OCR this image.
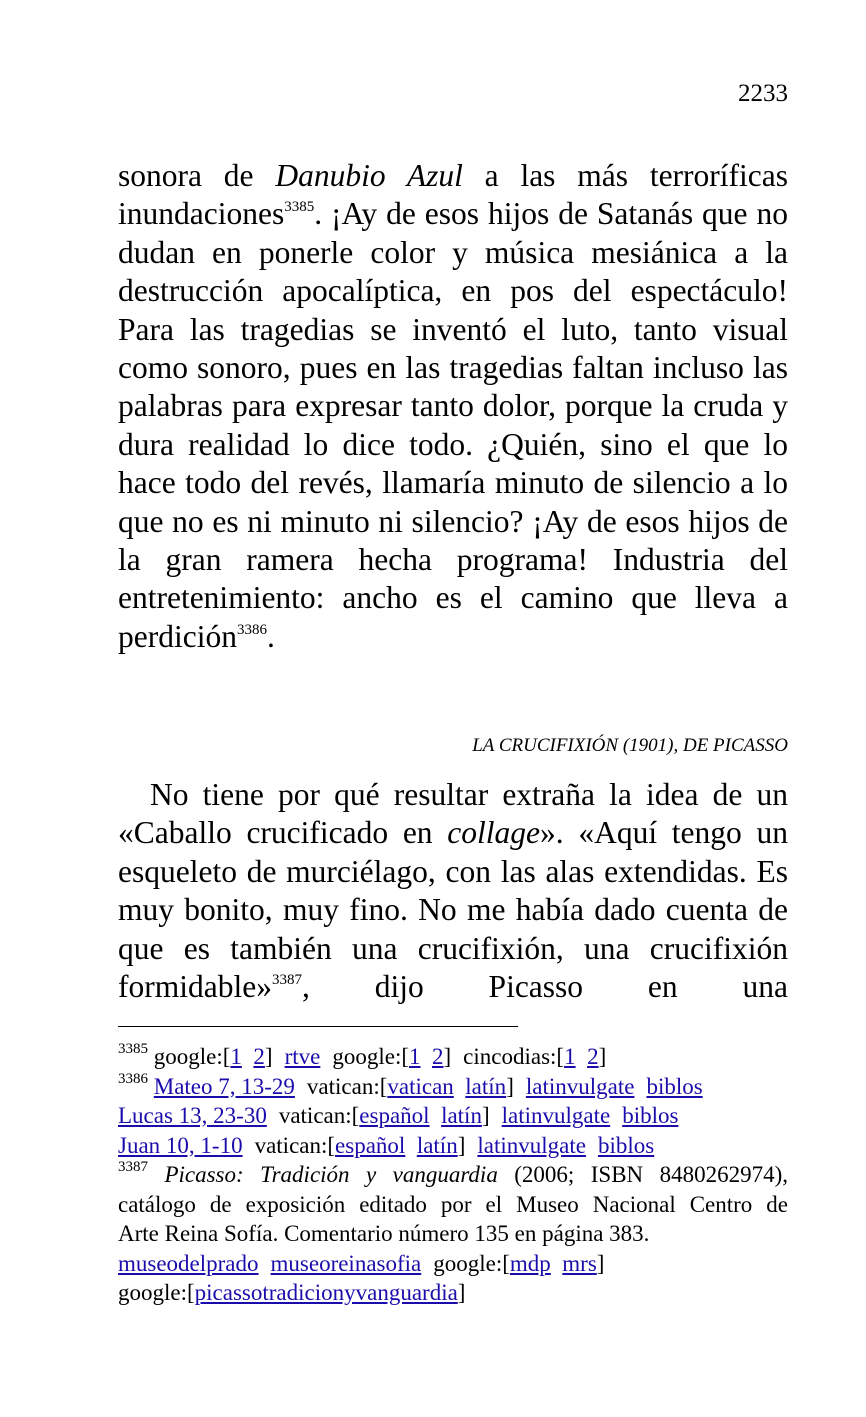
2233

sonora de Danubio Azul a las más terroríficas inundaciones$^{3385}$. ¡Ay de esos hijos de Satanás que no dudan en ponerle color y música mesiánica a la destrucción apocalíptica, en pos del espectáculo! Para las tragedias se inventó el luto, tanto visual como sonoro, pues en las tragedias faltan incluso las palabras para expresar tanto dolor, porque la cruda y dura realidad lo dice todo. ¿Quién, sino el que lo hace todo del revés, llamaría minuto de silencio a lo que no es ni minuto ni silencio? ¡Ay de esos hijos de la gran ramera hecha programa! Industria del entretenimiento: ancho es el camino que lleva a perdición$^{3386}$.

LA CRUCIFIXIÓN (1901), DE PICASSO

No tiene por qué resultar extraña la idea de un «Caballo crucificado en collage». «Aquí tengo un esqueleto de murciélago, con las alas extendidas. Es muy bonito, muy fino. No me había dado cuenta de que es también una crucifixión, una crucifixión formidable»$^{3387}$, dijo Picasso en una

$^{3385}$ google:[1 2] rtve google:[1 2] cincodias:[1 2]
$^{3386}$ Mateo 7, 13-29 vatican:[vatican latín] latinvulgate biblos
Lucas 13, 23-30 vatican:[español latín] latinvulgate biblos
Juan 10, 1-10 vatican:[español latín] latinvulgate biblos
$^{3387}$ Picasso: Tradición y vanguardia (2006; ISBN 8480262974), catálogo de exposición editado por el Museo Nacional Centro de
Arte Reina Sofía. Comentario número 135 en página 383.
museodelprado museoreinasofia google:[mdp mrs]
google:[picassotradicionyvanguardia]
